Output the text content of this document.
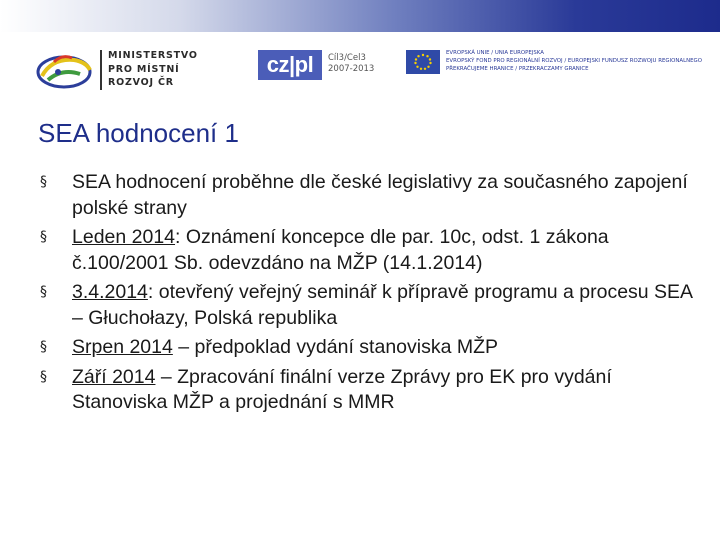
MINISTERSTVO
PRO MÍSTNÍ
ROZVOJ ČR
cz|pl	Cíl3/Cel3
2007-2013
EVROPSKÁ UNIE / UNIA EUROPEJSKA
EVROPSKÝ FOND PRO REGIONÁLNÍ ROZVOJ / EUROPEJSKI FUNDUSZ ROZWOJU REGIONALNEGO
PŘEKRAČUJEME HRANICE / PRZEKRACZAMY GRANICE
SEA hodnocení 1
§ SEA hodnocení proběhne dle české legislativy za současného zapojení polské strany
§ Leden 2014: Oznámení koncepce dle par. 10c, odst. 1 zákona č.100/2001 Sb. odevzdáno na MŽP (14.1.2014)
§ 3.4.2014: otevřený veřejný seminář k přípravě programu a procesu SEA – Głuchołazy, Polská republika
§ Srpen 2014 – předpoklad vydání stanoviska MŽP
§ Září 2014 – Zpracování finální verze Zprávy pro EK pro vydání Stanoviska MŽP a projednání s MMR
